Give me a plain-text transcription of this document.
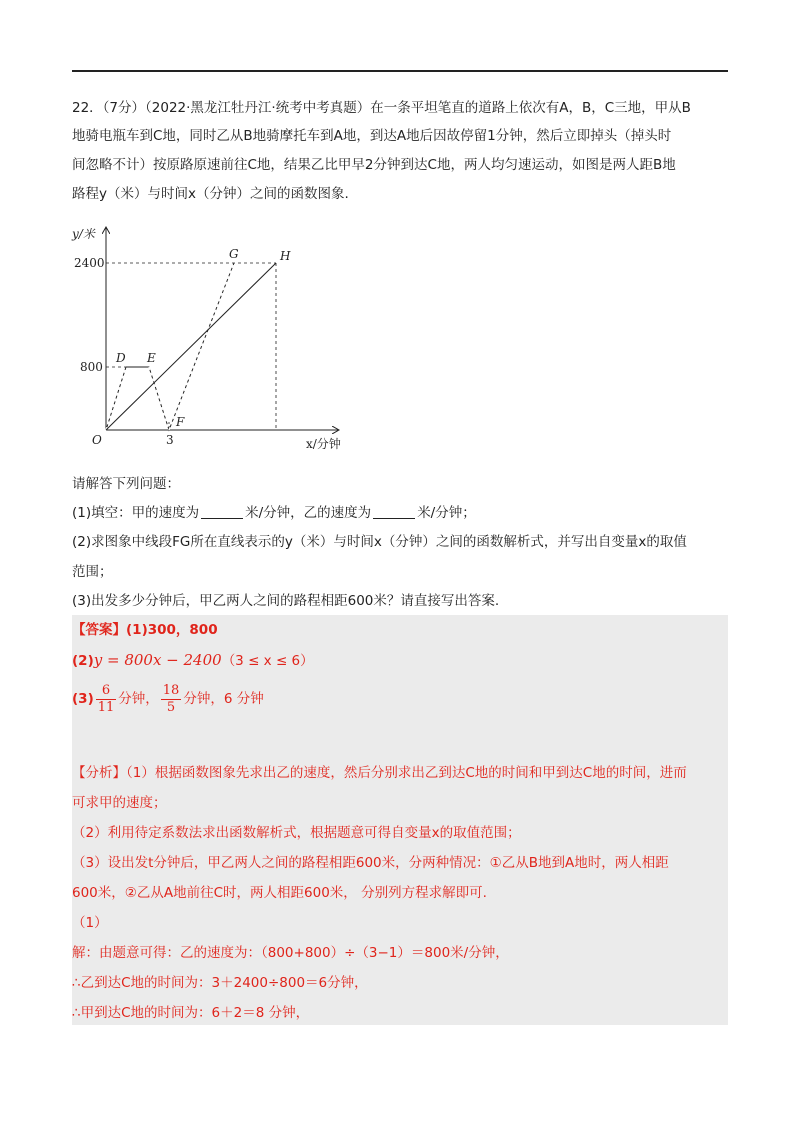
22．（7分）（2022·黑龙江牡丹江·统考中考真题）在一条平坦笔直的道路上依次有A，B，C三地，甲从B
地骑电瓶车到C地，同时乙从B地骑摩托车到A地，到达A地后因故停留1分钟，然后立即掉头（掉头时
间忽略不计）按原路原速前往C地，结果乙比甲早2分钟到达C地，两人均匀速运动，如图是两人距B地
路程y（米）与时间x（分钟）之间的函数图象.
y/米
x/分钟
2400
800
3
O
D E
F
G	H
请解答下列问题：
(1)填空：甲的速度为	米/分钟，乙的速度为	米/分钟；
(2)求图象中线段FG所在直线表示的y（米）与时间x（分钟）之间的函数解析式，并写出自变量x的取值
范围；
(3)出发多少分钟后，甲乙两人之间的路程相距600米？请直接写出答案.
【答案】(1)300，800
(2)y = 800x − 2400（3 ≤ x ≤ 6）
$(3) \frac{6}{11}$ 分钟， $\frac{18}{5}$ 分钟，6 分钟
【分析】（1）根据函数图象先求出乙的速度，然后分别求出乙到达C地的时间和甲到达C地的时间，进而
可求甲的速度；
（2）利用待定系数法求出函数解析式，根据题意可得自变量x的取值范围；
（3）设出发t分钟后，甲乙两人之间的路程相距600米，分两种情况：①乙从B地到A地时，两人相距
600米，②乙从A地前往C时，两人相距600米， 分别列方程求解即可.
（1）
解：由题意可得：乙的速度为：（800+800）÷（3−1）＝800米/分钟，
∴乙到达C地的时间为：3＋2400÷800＝6分钟，
∴甲到达C地的时间为：6＋2＝8 分钟，
